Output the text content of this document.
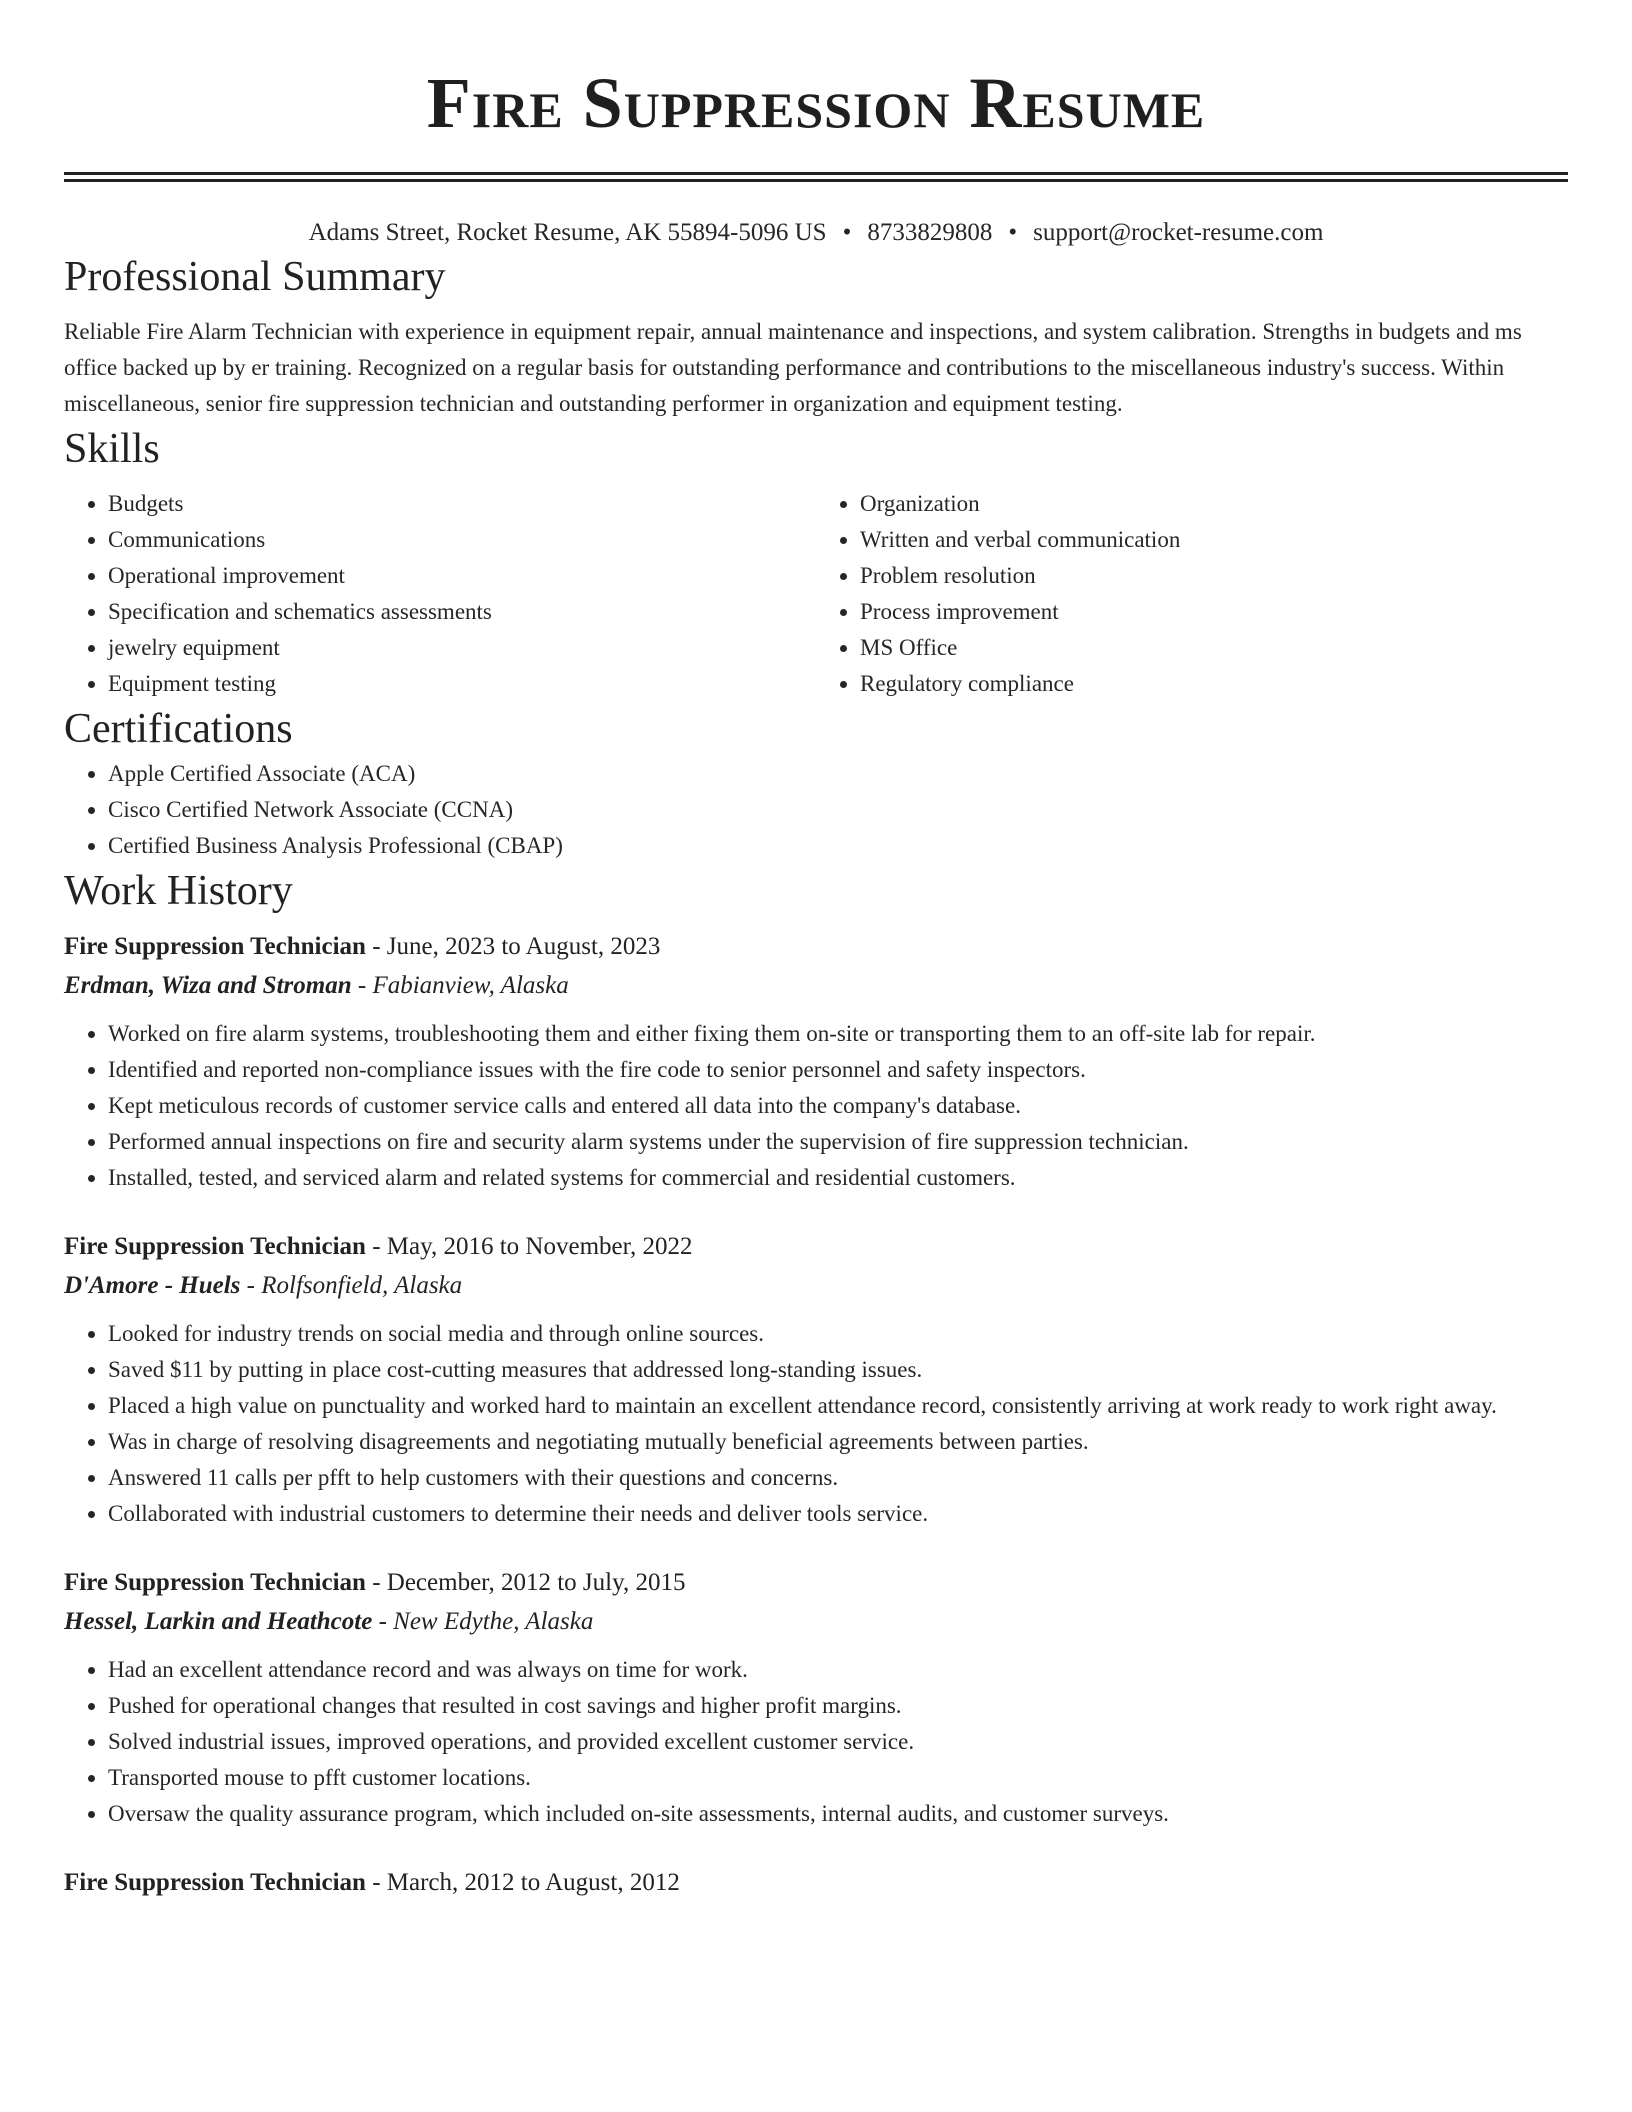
Fire Suppression Resume
Adams Street, Rocket Resume, AK 55894-5096 US • 8733829808 • support@rocket-resume.com
Professional Summary

Reliable Fire Alarm Technician with experience in equipment repair, annual maintenance and inspections, and system calibration. Strengths in budgets and ms office backed up by er training. Recognized on a regular basis for outstanding performance and contributions to the miscellaneous industry's success. Within miscellaneous, senior fire suppression technician and outstanding performer in organization and equipment testing.

Skills
• Budgets
• Communications
• Operational improvement
• Specification and schematics assessments
• jewelry equipment
• Equipment testing
• Organization
• Written and verbal communication
• Problem resolution
• Process improvement
• MS Office
• Regulatory compliance
Certifications
• Apple Certified Associate (ACA)
• Cisco Certified Network Associate (CCNA)
• Certified Business Analysis Professional (CBAP)
Work History
Fire Suppression Technician - June, 2023 to August, 2023
Erdman, Wiza and Stroman - Fabianview, Alaska
• Worked on fire alarm systems, troubleshooting them and either fixing them on-site or transporting them to an off-site lab for repair.
• Identified and reported non-compliance issues with the fire code to senior personnel and safety inspectors.
• Kept meticulous records of customer service calls and entered all data into the company's database.
• Performed annual inspections on fire and security alarm systems under the supervision of fire suppression technician.
• Installed, tested, and serviced alarm and related systems for commercial and residential customers.
Fire Suppression Technician - May, 2016 to November, 2022
D'Amore - Huels - Rolfsonfield, Alaska
• Looked for industry trends on social media and through online sources.
• Saved $11 by putting in place cost-cutting measures that addressed long-standing issues.
• Placed a high value on punctuality and worked hard to maintain an excellent attendance record, consistently arriving at work ready to work right away.
• Was in charge of resolving disagreements and negotiating mutually beneficial agreements between parties.
• Answered 11 calls per pfft to help customers with their questions and concerns.
• Collaborated with industrial customers to determine their needs and deliver tools service.
Fire Suppression Technician - December, 2012 to July, 2015
Hessel, Larkin and Heathcote - New Edythe, Alaska
• Had an excellent attendance record and was always on time for work.
• Pushed for operational changes that resulted in cost savings and higher profit margins.
• Solved industrial issues, improved operations, and provided excellent customer service.
• Transported mouse to pfft customer locations.
• Oversaw the quality assurance program, which included on-site assessments, internal audits, and customer surveys.
Fire Suppression Technician - March, 2012 to August, 2012
